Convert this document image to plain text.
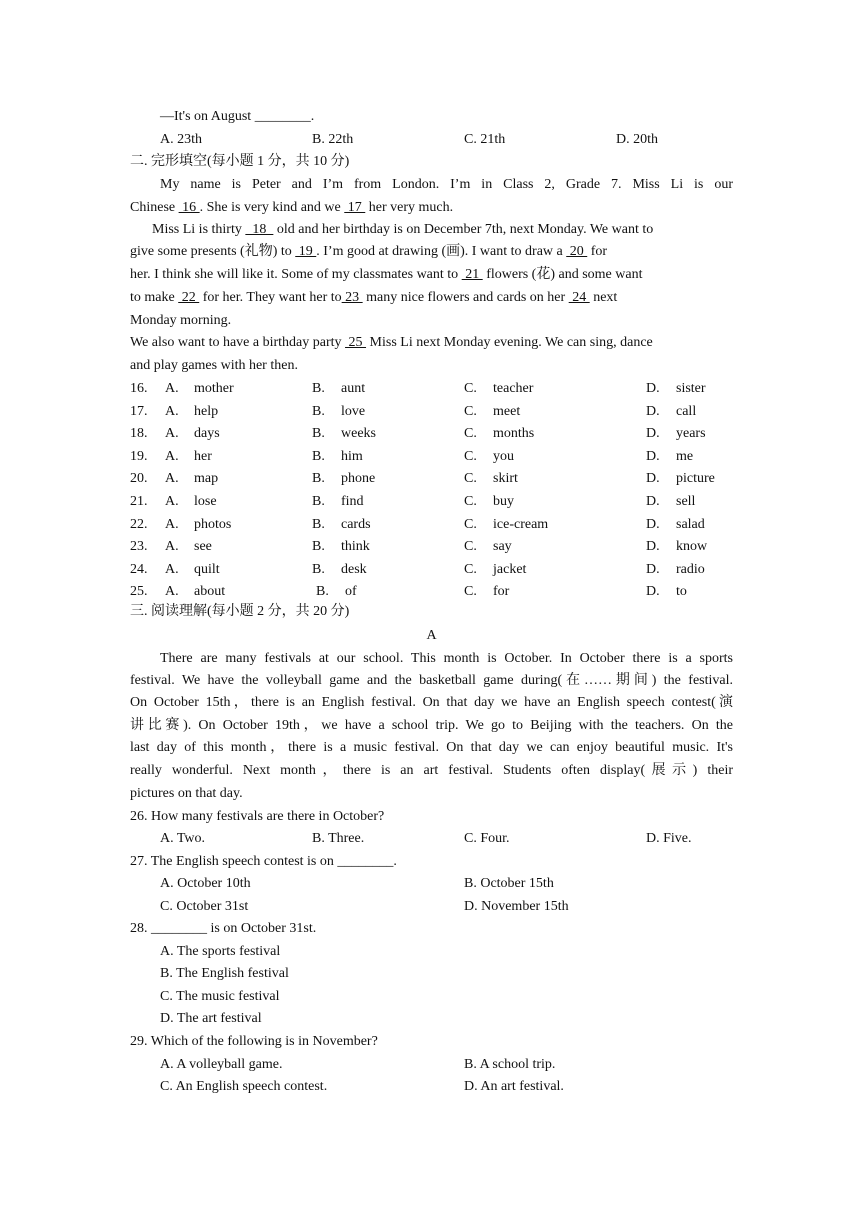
—It's on August ________.
A. 23th	B. 22th	C. 21th	D. 20th
二. 完形填空(每小题 1 分，共 10 分)
My name is Peter and I’m from London. I’m in Class 2, Grade 7. Miss Li is our
Chinese  16 . She is very kind and we  17  her very much.
Miss Li is thirty   18   old and her birthday is on December 7th, next Monday. We want to
give some presents (礼物) to  19 . I’m good at drawing (画). I want to draw a  20  for
her. I think she will like it. Some of my classmates want to  21  flowers (花) and some want
to make  22  for her. They want her to 23  many nice flowers and cards on her  24  next
Monday morning.
We also want to have a birthday party  25  Miss Li next Monday evening. We can sing, dance
and play games with her then.
16. A. mother	B. aunt	C. teacher	D. sister
17. A. help	B. love	C. meet	D. call
18. A. days	B. weeks	C. months	D. years
19. A. her	B. him	C. you	D. me
20. A. map	B. phone	C. skirt	D. picture
21. A. lose	B. find	C. buy	D. sell
22. A. photos	B. cards	C. ice-cream	D. salad
23. A. see	B. think	C. say	D. know
24. A. quilt	B. desk	C. jacket	D. radio
25. A. about	B. of	C. for	D. to
三. 阅读理解(每小题 2 分，共 20 分)
A
There are many festivals at our school. This month is October. In October there is a sports
festival. We have the volleyball game and the basketball game during(在……期间) the festival.
On October 15th，there is an English festival. On that day we have an English speech contest(演
讲比赛). On October 19th，we have a school trip. We go to Beijing with the teachers. On the
last day of this month，there is a music festival. On that day we can enjoy beautiful music. It's
really wonderful. Next month，there is an art festival. Students often display(展示) their
pictures on that day.
26. How many festivals are there in October?
A. Two.	B. Three.	C. Four.	D. Five.
27. The English speech contest is on ________.
A. October 10th	B. October 15th
C. October 31st	D. November 15th
28. ________ is on October 31st.
A. The sports festival
B. The English festival
C. The music festival
D. The art festival
29. Which of the following is in November?
A. A volleyball game.	B. A school trip.
C. An English speech contest.	D. An art festival.
